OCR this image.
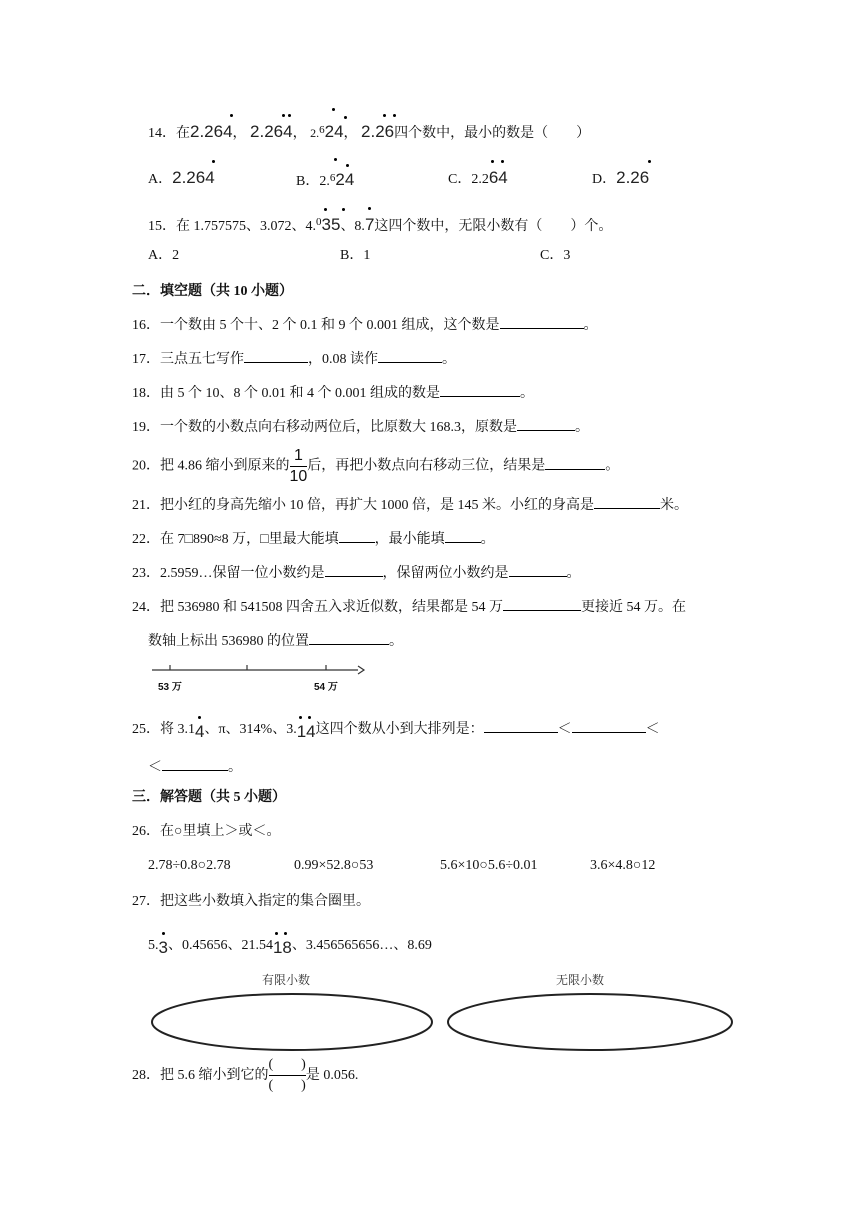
14．在2.264
， 2.264
， 2.$^6$24
， 2.26
四个数中，最小的数是（　　）
A．2.264	B．2.$^6$24	C．2.264	D．2.26
15．在 1.757575、3.072、4.$^0$35
、8.7
这四个数中，无限小数有（　　）个。
A．2	B．1	C．3
二．填空题（共 10 小题）
16．一个数由 5 个十、2 个 0.1 和 9 个 0.001 组成，这个数是	。
17．三点五七写作	，0.08 读作	。
18．由 5 个 10、8 个 0.01 和 4 个 0.001 组成的数是	。
19．一个数的小数点向右移动两位后，比原数大 168.3，原数是	。
20．把 4.86 缩小到原来的 $\frac{1}{10}$ 后，再把小数点向右移动三位，结果是	。
21．把小红的身高先缩小 10 倍，再扩大 1000 倍，是 145 米。小红的身高是	米。
22．在 7□890≈8 万，□里最大能填	，最小能填	。
23．2.5959…保留一位小数约是	，保留两位小数约是	。
24．把 536980 和 541508 四舍五入求近似数，结果都是 54 万	更接近 54 万。在
数轴上标出 536980 的位置	。
53 万	54 万
25．将 3.14
、π、314%、3.14
这四个数从小到大排列是：	＜	＜
＜	。
三．解答题（共 5 小题）
26．在○里填上＞或＜。
2.78÷0.8○2.78	0.99×52.8○53	5.6×10○5.6÷0.01	3.6×4.8○12
27．把这些小数填入指定的集合圈里。
5.3
、0.45656、21.5418
、3.456565656…、8.69
有限小数	无限小数
28．把 5.6 缩小到它的 $\frac{( )}{( )}$ 是 0.056.
